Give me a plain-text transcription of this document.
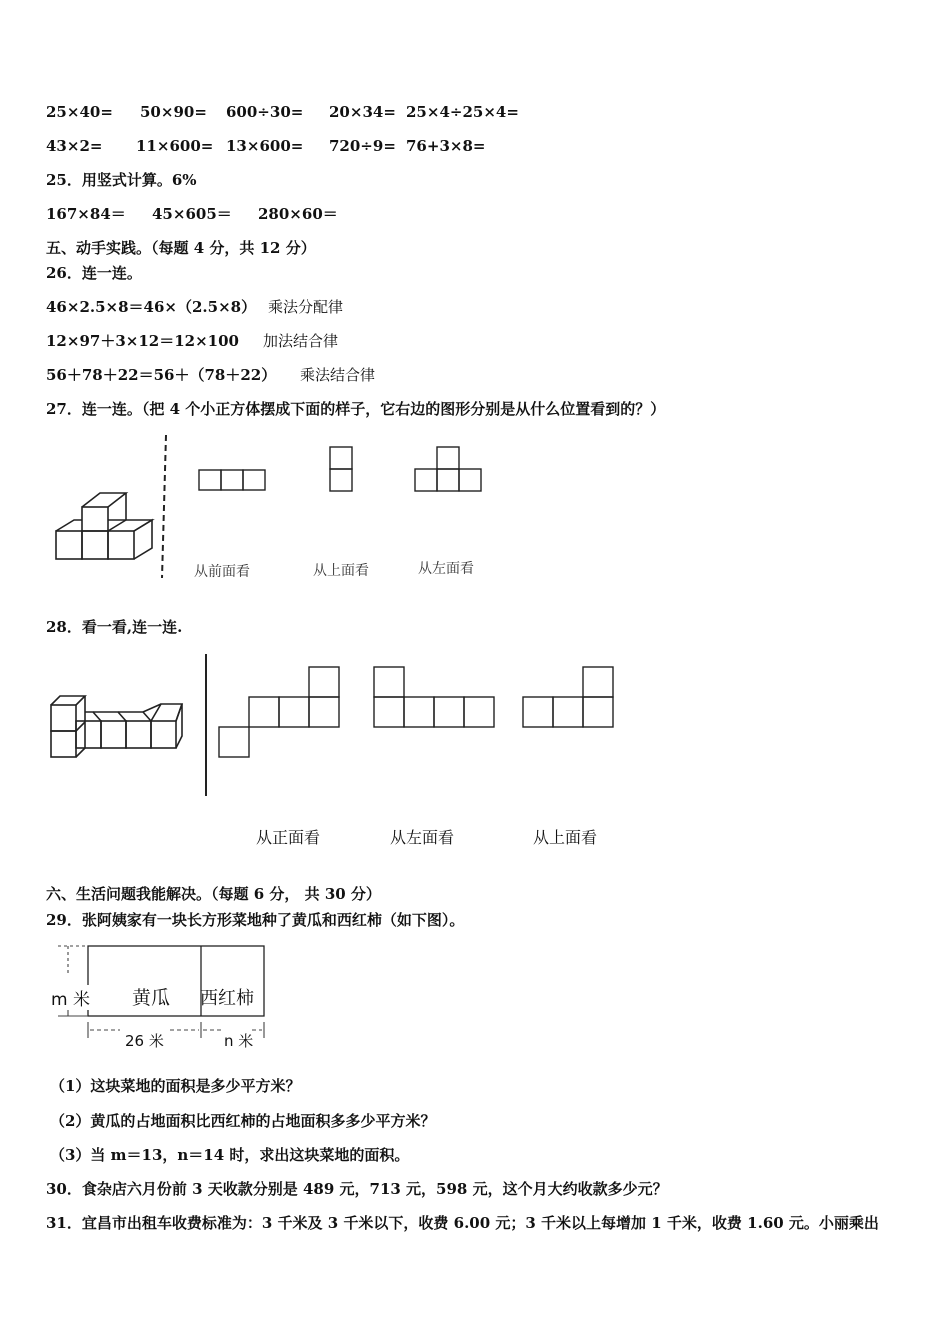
25×40= 50×90= 600÷30= 20×34= 25×4÷25×4=
43×2= 11×600= 13×600= 720÷9= 76+3×8=
25．用竖式计算。6%
167×84＝ 45×605＝ 280×60＝
五、动手实践。（每题 4 分，共 12 分）
26．连一连。
46×2.5×8＝46×（2.5×8） 乘法分配律
12×97＋3×12＝12×100 加法结合律
56＋78＋22＝56＋（78＋22） 乘法结合律
27．连一连。（把 4 个小正方体摆成下面的样子，它右边的图形分别是从什么位置看到的？）
从前面看	从上面看	从左面看
28．看一看,连一连.
从正面看	从左面看	从上面看
六、生活问题我能解决。（每题 6 分， 共 30 分）
29．张阿姨家有一块长方形菜地种了黄瓜和西红柿（如下图）。
m 米 黄瓜 西红柿
26 米	n 米
（1）这块菜地的面积是多少平方米？
（2）黄瓜的占地面积比西红柿的占地面积多多少平方米？
（3）当 m＝13，n＝14 时，求出这块菜地的面积。
30．食杂店六月份前 3 天收款分别是 489 元，713 元，598 元，这个月大约收款多少元？
31．宜昌市出租车收费标准为：3 千米及 3 千米以下，收费 6.00 元；3 千米以上每增加 1 千米，收费 1.60 元。小丽乘出
